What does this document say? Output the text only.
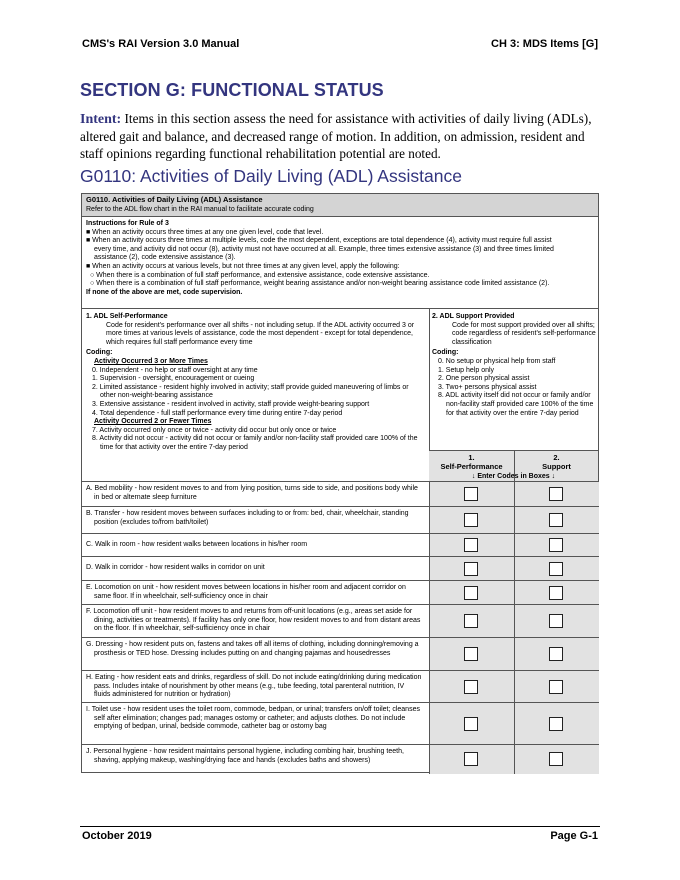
CMS's RAI Version 3.0 Manual	CH 3: MDS Items [G]
SECTION G: FUNCTIONAL STATUS
Intent: Items in this section assess the need for assistance with activities of daily living (ADLs), altered gait and balance, and decreased range of motion. In addition, on admission, resident and staff opinions regarding functional rehabilitation potential are noted.
G0110: Activities of Daily Living (ADL) Assistance
G0110. Activities of Daily Living (ADL) Assistance
Refer to the ADL flow chart in the RAI manual to facilitate accurate coding
Instructions for Rule of 3
■ When an activity occurs three times at any one given level, code that level.
■ When an activity occurs three times at multiple levels, code the most dependent, exceptions are total dependence (4), activity must require full assist
every time, and activity did not occur (8), activity must not have occurred at all. Example, three times extensive assistance (3) and three times limited
assistance (2), code extensive assistance (3).
■ When an activity occurs at various levels, but not three times at any given level, apply the following:
○ When there is a combination of full staff performance, and extensive assistance, code extensive assistance.
○ When there is a combination of full staff performance, weight bearing assistance and/or non-weight bearing assistance code limited assistance (2).
If none of the above are met, code supervision.
1. ADL Self-Performance
Code for resident's performance over all shifts - not including setup. If the ADL activity occurred 3 or more times at various levels of assistance, code the most dependent - except for total dependence, which requires full staff performance every time
Coding:
Activity Occurred 3 or More Times
0. Independent - no help or staff oversight at any time
1. Supervision - oversight, encouragement or cueing
2. Limited assistance - resident highly involved in activity; staff provide guided maneuvering of limbs or other non-weight-bearing assistance
3. Extensive assistance - resident involved in activity, staff provide weight-bearing support
4. Total dependence - full staff performance every time during entire 7-day period
Activity Occurred 2 or Fewer Times
7. Activity occurred only once or twice - activity did occur but only once or twice
8. Activity did not occur - activity did not occur or family and/or non-facility staff provided care 100% of the time for that activity over the entire 7-day period
2. ADL Support Provided
Code for most support provided over all shifts; code regardless of resident's self-performance classification
Coding:
0. No setup or physical help from staff
1. Setup help only
2. One person physical assist
3. Two+ persons physical assist
8. ADL activity itself did not occur or family and/or non-facility staff provided care 100% of the time for that activity over the entire 7-day period
1.
Self-Performance
2.
Support
↓ Enter Codes in Boxes ↓
A. Bed mobility - how resident moves to and from lying position, turns side to side, and positions body while in bed or alternate sleep furniture
B. Transfer - how resident moves between surfaces including to or from: bed, chair, wheelchair, standing position (excludes to/from bath/toilet)
C. Walk in room - how resident walks between locations in his/her room
D. Walk in corridor - how resident walks in corridor on unit
E. Locomotion on unit - how resident moves between locations in his/her room and adjacent corridor on same floor. If in wheelchair, self-sufficiency once in chair
F. Locomotion off unit - how resident moves to and returns from off-unit locations (e.g., areas set aside for dining, activities or treatments). If facility has only one floor, how resident moves to and from distant areas on the floor. If in wheelchair, self-sufficiency once in chair
G. Dressing - how resident puts on, fastens and takes off all items of clothing, including donning/removing a prosthesis or TED hose. Dressing includes putting on and changing pajamas and housedresses
H. Eating - how resident eats and drinks, regardless of skill. Do not include eating/drinking during medication pass. Includes intake of nourishment by other means (e.g., tube feeding, total parenteral nutrition, IV fluids administered for nutrition or hydration)
I. Toilet use - how resident uses the toilet room, commode, bedpan, or urinal; transfers on/off toilet; cleanses self after elimination; changes pad; manages ostomy or catheter; and adjusts clothes. Do not include emptying of bedpan, urinal, bedside commode, catheter bag or ostomy bag
J. Personal hygiene - how resident maintains personal hygiene, including combing hair, brushing teeth, shaving, applying makeup, washing/drying face and hands (excludes baths and showers)
October 2019	Page G-1
